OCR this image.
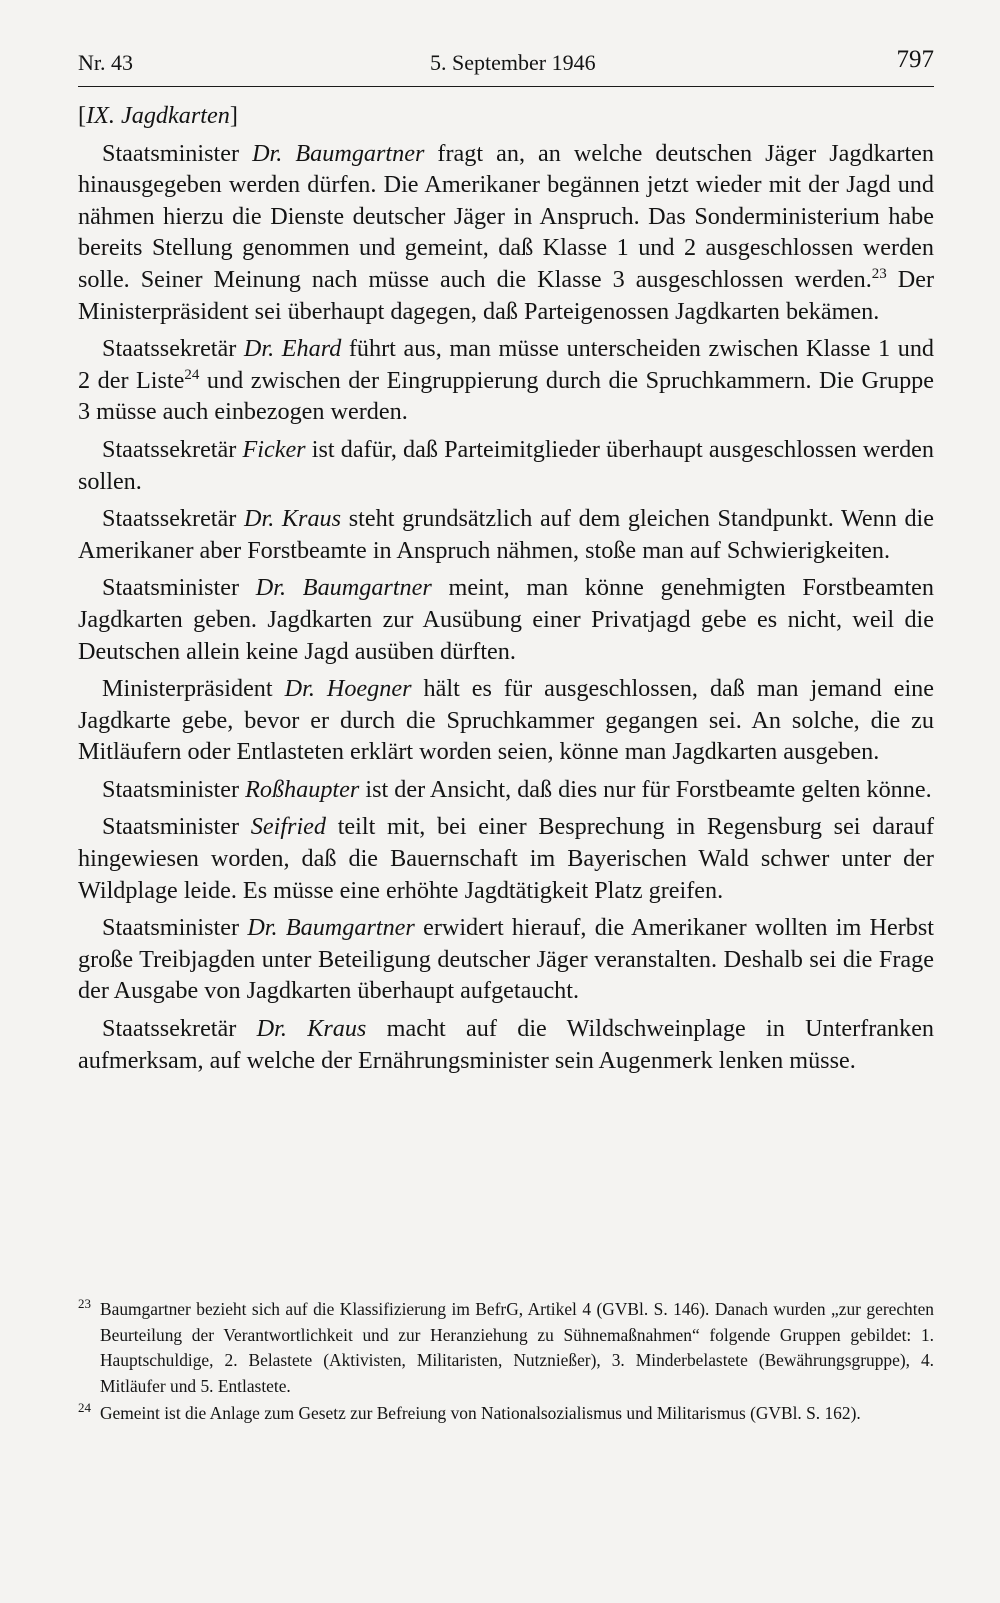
Nr. 43	5. September 1946	797
[IX. Jagdkarten]

Staatsminister Dr. Baumgartner fragt an, an welche deutschen Jäger Jagdkarten hinausgegeben werden dürfen. Die Amerikaner begännen jetzt wieder mit der Jagd und nähmen hierzu die Dienste deutscher Jäger in Anspruch. Das Sonderministerium habe bereits Stellung genommen und gemeint, daß Klasse 1 und 2 ausgeschlossen werden solle. Seiner Meinung nach müsse auch die Klasse 3 ausgeschlossen werden.$^{23}$ Der Ministerpräsident sei überhaupt dagegen, daß Parteigenossen Jagdkarten bekämen.

Staatssekretär Dr. Ehard führt aus, man müsse unterscheiden zwischen Klasse 1 und 2 der Liste$^{24}$ und zwischen der Eingruppierung durch die Spruchkammern. Die Gruppe 3 müsse auch einbezogen werden.

Staatssekretär Ficker ist dafür, daß Parteimitglieder überhaupt ausgeschlossen werden sollen.

Staatssekretär Dr. Kraus steht grundsätzlich auf dem gleichen Standpunkt. Wenn die Amerikaner aber Forstbeamte in Anspruch nähmen, stoße man auf Schwierigkeiten.

Staatsminister Dr. Baumgartner meint, man könne genehmigten Forstbeamten Jagdkarten geben. Jagdkarten zur Ausübung einer Privatjagd gebe es nicht, weil die Deutschen allein keine Jagd ausüben dürften.

Ministerpräsident Dr. Hoegner hält es für ausgeschlossen, daß man jemand eine Jagdkarte gebe, bevor er durch die Spruchkammer gegangen sei. An solche, die zu Mitläufern oder Entlasteten erklärt worden seien, könne man Jagdkarten ausgeben.

Staatsminister Roßhaupter ist der Ansicht, daß dies nur für Forstbeamte gelten könne.

Staatsminister Seifried teilt mit, bei einer Besprechung in Regensburg sei darauf hingewiesen worden, daß die Bauernschaft im Bayerischen Wald schwer unter der Wildplage leide. Es müsse eine erhöhte Jagdtätigkeit Platz greifen.

Staatsminister Dr. Baumgartner erwidert hierauf, die Amerikaner wollten im Herbst große Treibjagden unter Beteiligung deutscher Jäger veranstalten. Deshalb sei die Frage der Ausgabe von Jagdkarten überhaupt aufgetaucht.

Staatssekretär Dr. Kraus macht auf die Wildschweinplage in Unterfranken aufmerksam, auf welche der Ernährungsminister sein Augenmerk lenken müsse.

23 Baumgartner bezieht sich auf die Klassifizierung im BefrG, Artikel 4 (GVBl. S. 146). Danach wurden „zur gerechten Beurteilung der Verantwortlichkeit und zur Heranziehung zu Sühnemaßnahmen“ folgende Gruppen gebildet: 1. Hauptschuldige, 2. Belastete (Aktivisten, Militaristen, Nutznießer), 3. Minderbelastete (Bewährungsgruppe), 4. Mitläufer und 5. Entlastete.

24 Gemeint ist die Anlage zum Gesetz zur Befreiung von Nationalsozialismus und Militarismus (GVBl. S. 162).
